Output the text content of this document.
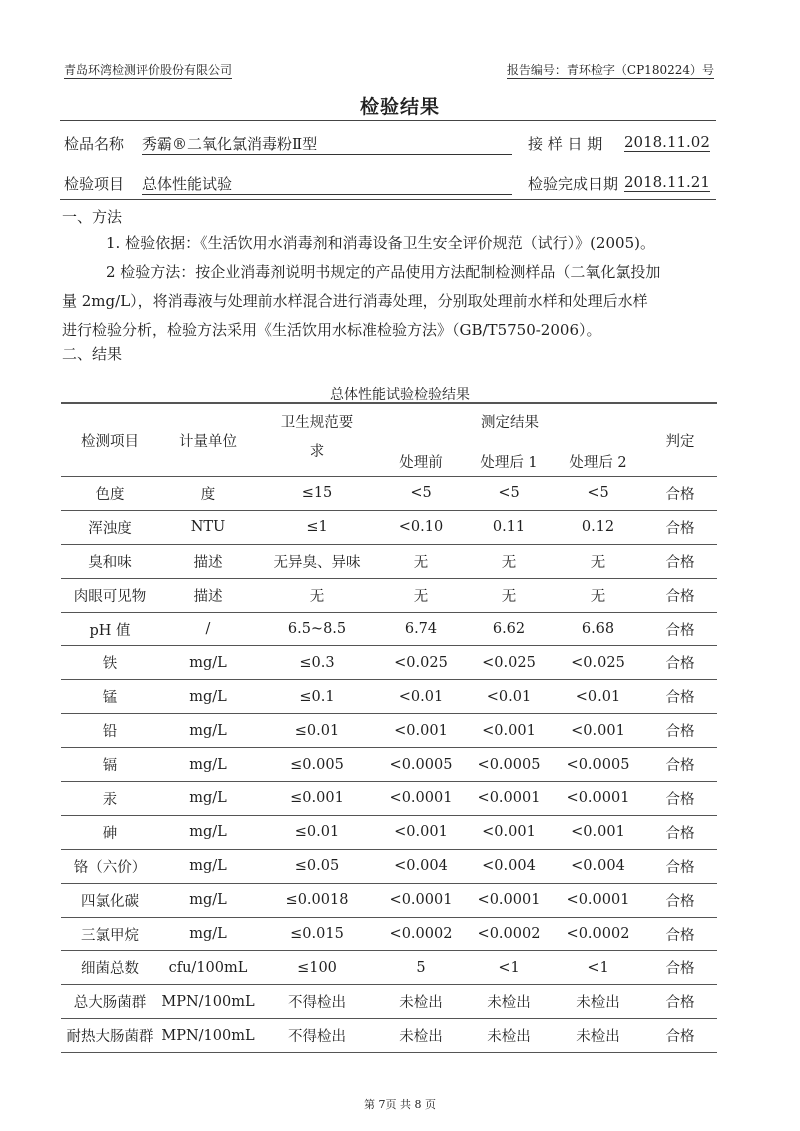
青岛环湾检测评价股份有限公司	报告编号：青环检字（CP180224）号
检验结果
检品名称 秀霸®二氧化氯消毒粉Ⅱ型	接 样 日 期 2018.11.02
检验项目 总体性能试验	检验完成日期 2018.11.21
一、方法
1. 检验依据：《生活饮用水消毒剂和消毒设备卫生安全评价规范（试行）》(2005)。
2 检验方法：按企业消毒剂说明书规定的产品使用方法配制检测样品（二氧化氯投加
量 2mg/L），将消毒液与处理前水样混合进行消毒处理，分别取处理前水样和处理后水样
进行检验分析，检验方法采用《生活饮用水标准检验方法》（GB/T5750-2006）。
二、结果
总体性能试验检验结果
检测项目	计量单位	卫生规范要	测定结果			判定
		求	处理前	处理后 1	处理后 2	
色度	度	≤15	<5	<5	<5	合格
浑浊度	NTU	≤1	<0.10	0.11	0.12	合格
臭和味	描述	无异臭、异味	无	无	无	合格
肉眼可见物	描述	无	无	无	无	合格
pH 值	/	6.5~8.5	6.74	6.62	6.68	合格
铁	mg/L	≤0.3	<0.025	<0.025	<0.025	合格
锰	mg/L	≤0.1	<0.01	<0.01	<0.01	合格
铅	mg/L	≤0.01	<0.001	<0.001	<0.001	合格
镉	mg/L	≤0.005	<0.0005	<0.0005	<0.0005	合格
汞	mg/L	≤0.001	<0.0001	<0.0001	<0.0001	合格
砷	mg/L	≤0.01	<0.001	<0.001	<0.001	合格
铬（六价）	mg/L	≤0.05	<0.004	<0.004	<0.004	合格
四氯化碳	mg/L	≤0.0018	<0.0001	<0.0001	<0.0001	合格
三氯甲烷	mg/L	≤0.015	<0.0002	<0.0002	<0.0002	合格
细菌总数	cfu/100mL	≤100	5	<1	<1	合格
总大肠菌群	MPN/100mL	不得检出	未检出	未检出	未检出	合格
耐热大肠菌群	MPN/100mL	不得检出	未检出	未检出	未检出	合格
第 7页 共 8 页
